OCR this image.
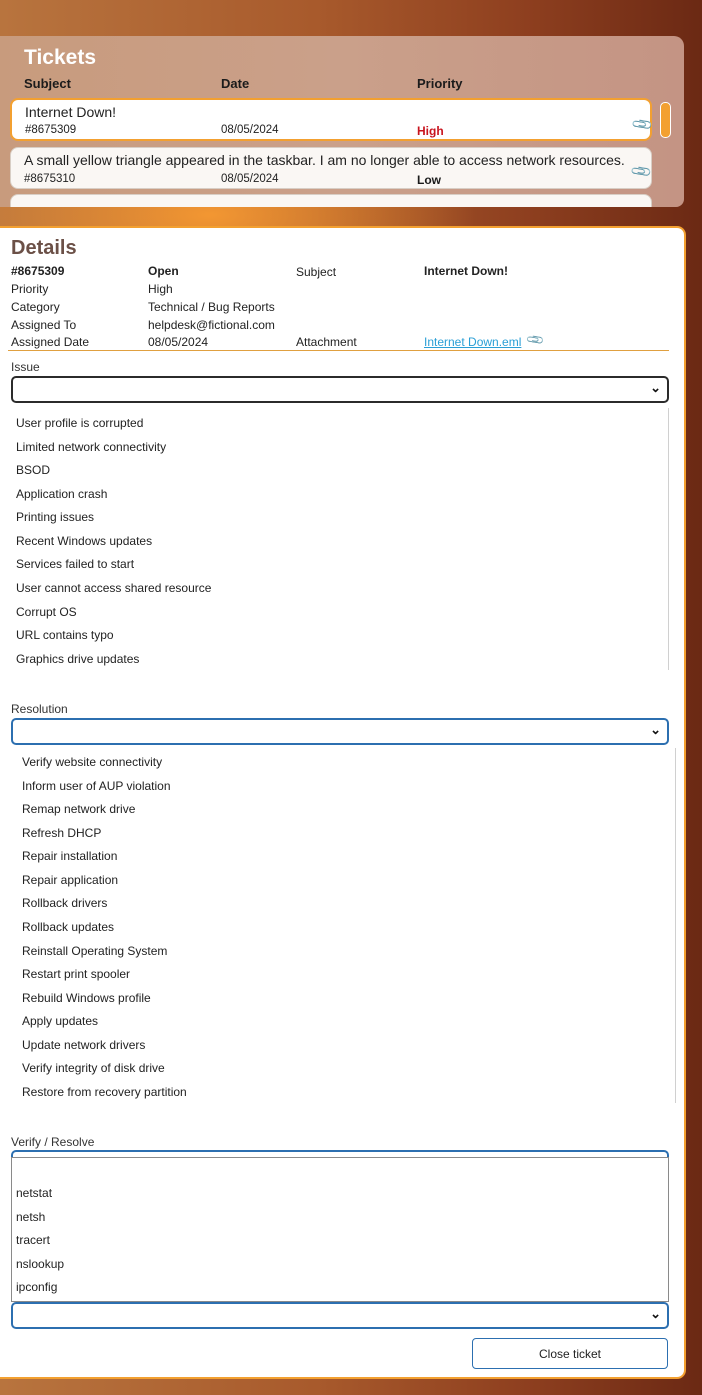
Tickets
Subject	Date	Priority
Internet Down!
#8675309	08/05/2024	High	📎
A small yellow triangle appeared in the taskbar. I am no longer able to access network resources.
#8675310	08/05/2024	Low	📎
Details
#8675309	Open	Subject	Internet Down!
Priority	High
Category	Technical / Bug Reports
Assigned To	helpdesk@fictional.com
Assigned Date	08/05/2024	Attachment	Internet Down.eml 📎
Issue
⌄
User profile is corrupted
Limited network connectivity
BSOD
Application crash
Printing issues
Recent Windows updates
Services failed to start
User cannot access shared resource
Corrupt OS
URL contains typo
Graphics drive updates
Resolution
⌄
Verify website connectivity
Inform user of AUP violation
Remap network drive
Refresh DHCP
Repair installation
Repair application
Rollback drivers
Rollback updates
Reinstall Operating System
Restart print spooler
Rebuild Windows profile
Apply updates
Update network drivers
Verify integrity of disk drive
Restore from recovery partition
Verify / Resolve
netstat
netsh
tracert
nslookup
ipconfig
⌄
Close ticket
